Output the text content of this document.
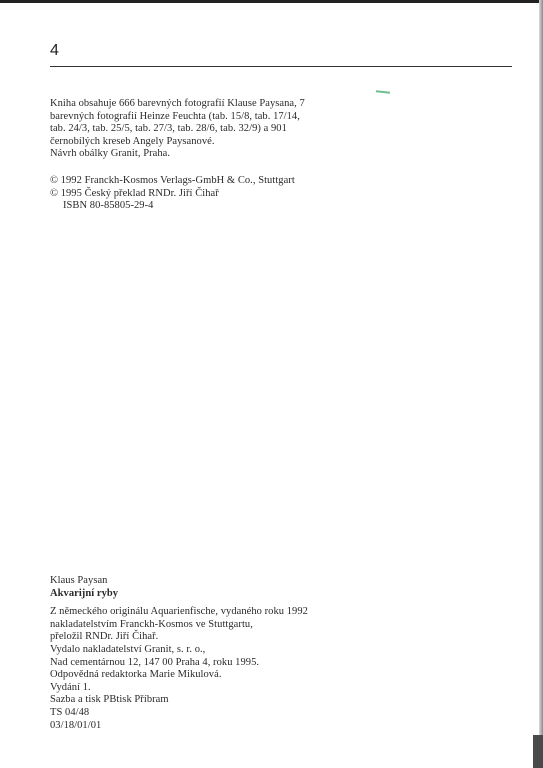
4
Kniha obsahuje 666 barevných fotografií Klause Paysana, 7
barevných fotografií Heinze Feuchta (tab. 15/8, tab. 17/14,
tab. 24/3, tab. 25/5, tab. 27/3, tab. 28/6, tab. 32/9) a 901
černobílých kreseb Angely Paysanové.
Návrh obálky Granit, Praha.
© 1992 Franckh-Kosmos Verlags-GmbH & Co., Stuttgart
© 1995 Český překlad RNDr. Jiří Čihař
ISBN 80-85805-29-4
Klaus Paysan
Akvarijní ryby
Z německého originálu Aquarienfische, vydaného roku 1992
nakladatelstvím Franckh-Kosmos ve Stuttgartu,
přeložil RNDr. Jiří Čihař.
Vydalo nakladatelství Granit, s. r. o.,
Nad cementárnou 12, 147 00 Praha 4, roku 1995.
Odpovědná redaktorka Marie Mikulová.
Vydání 1.
Sazba a tisk PBtisk Příbram
TS 04/48
03/18/01/01
